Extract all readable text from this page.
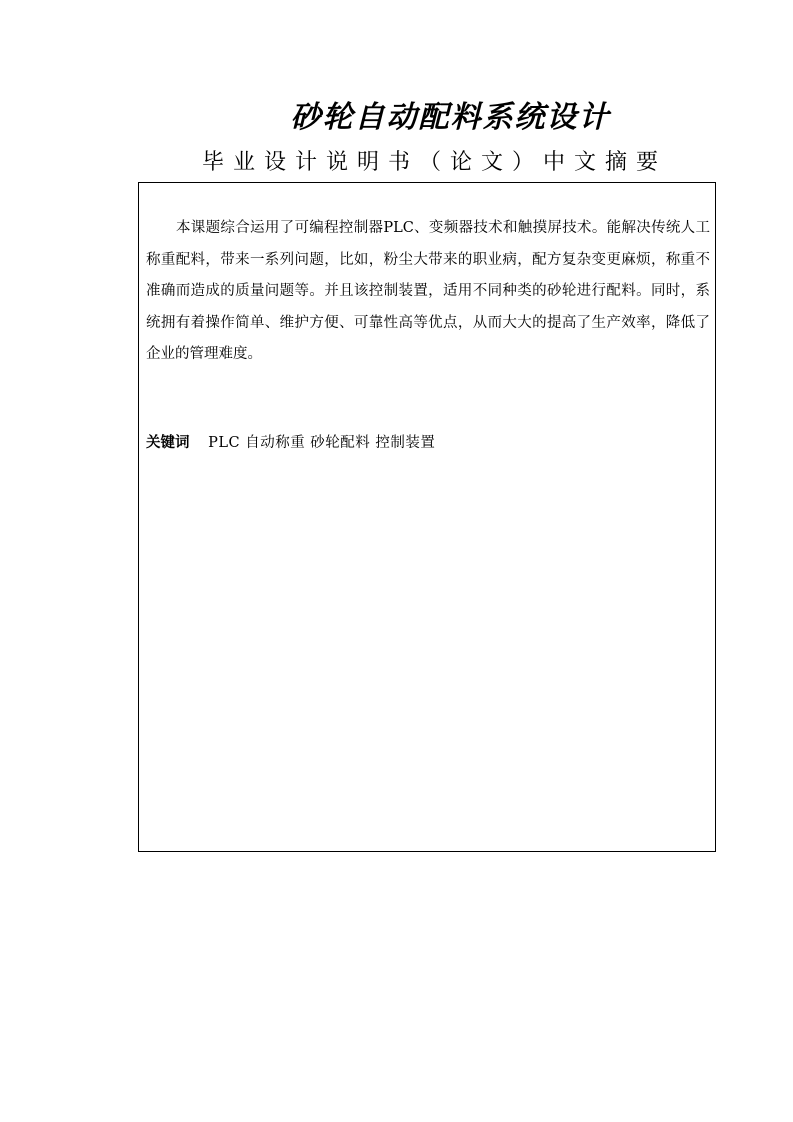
砂轮自动配料系统设计
毕业设计说明书（论文）中文摘要

本课题综合运用了可编程控制器PLC、变频器技术和触摸屏技术。能解决传统人工称重配料，带来一系列问题，比如，粉尘大带来的职业病，配方复杂变更麻烦，称重不准确而造成的质量问题等。并且该控制装置，适用不同种类的砂轮进行配料。同时，系统拥有着操作简单、维护方便、可靠性高等优点，从而大大的提高了生产效率，降低了企业的管理难度。

关键词 PLC 自动称重 砂轮配料 控制装置
